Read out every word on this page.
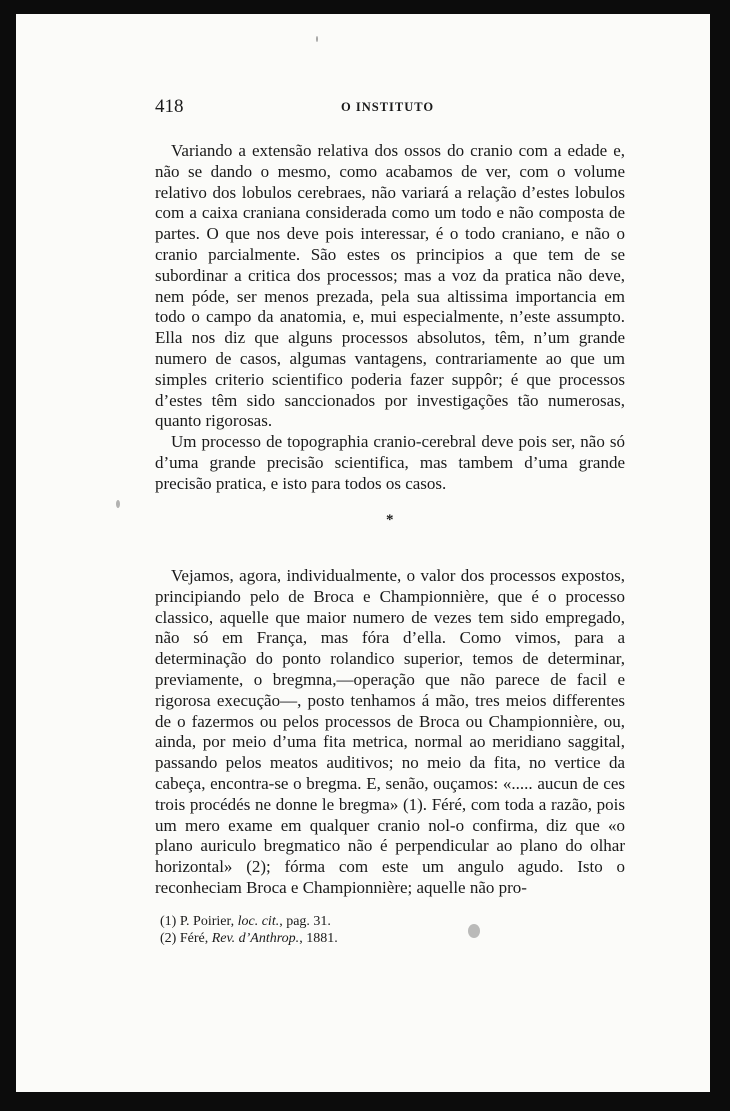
418	O INSTITUTO

Variando a extensão relativa dos ossos do cranio com a edade e, não se dando o mesmo, como acabamos de ver, com o volume relativo dos lobulos cerebraes, não variará a relação d’estes lobulos com a caixa craniana considerada como um todo e não composta de partes. O que nos deve pois interessar, é o todo craniano, e não o cranio parcialmente. São estes os principios a que tem de se subordinar a critica dos processos; mas a voz da pratica não deve, nem póde, ser menos prezada, pela sua altissima importancia em todo o campo da anatomia, e, mui especialmente, n’este assumpto. Ella nos diz que alguns processos absolutos, têm, n’um grande numero de casos, algumas vantagens, contrariamente ao que um simples criterio scientifico poderia fazer suppôr; é que processos d’estes têm sido sanccionados por investigações tão numerosas, quanto rigorosas.

Um processo de topographia cranio-cerebral deve pois ser, não só d’uma grande precisão scientifica, mas tambem d’uma grande precisão pratica, e isto para todos os casos.

*

Vejamos, agora, individualmente, o valor dos processos expostos, principiando pelo de Broca e Championnière, que é o processo classico, aquelle que maior numero de vezes tem sido empregado, não só em França, mas fóra d’ella. Como vimos, para a determinação do ponto rolandico superior, temos de determinar, previamente, o bregmna,—operação que não parece de facil e rigorosa execução—, posto tenhamos á mão, tres meios differentes de o fazermos ou pelos processos de Broca ou Championnière, ou, ainda, por meio d’uma fita metrica, normal ao meridiano saggital, passando pelos meatos auditivos; no meio da fita, no vertice da cabeça, encontra-se o bregma. E, senão, ouçamos: «..... aucun de ces trois procédés ne donne le bregma» (1). Féré, com toda a razão, pois um mero exame em qualquer cranio nol-o confirma, diz que «o plano auriculo bregmatico não é perpendicular ao plano do olhar horizontal» (2); fórma com este um angulo agudo. Isto o reconheciam Broca e Championnière; aquelle não pro-

(1) P. Poirier, loc. cit., pag. 31.
(2) Féré, Rev. d’Anthrop., 1881.
